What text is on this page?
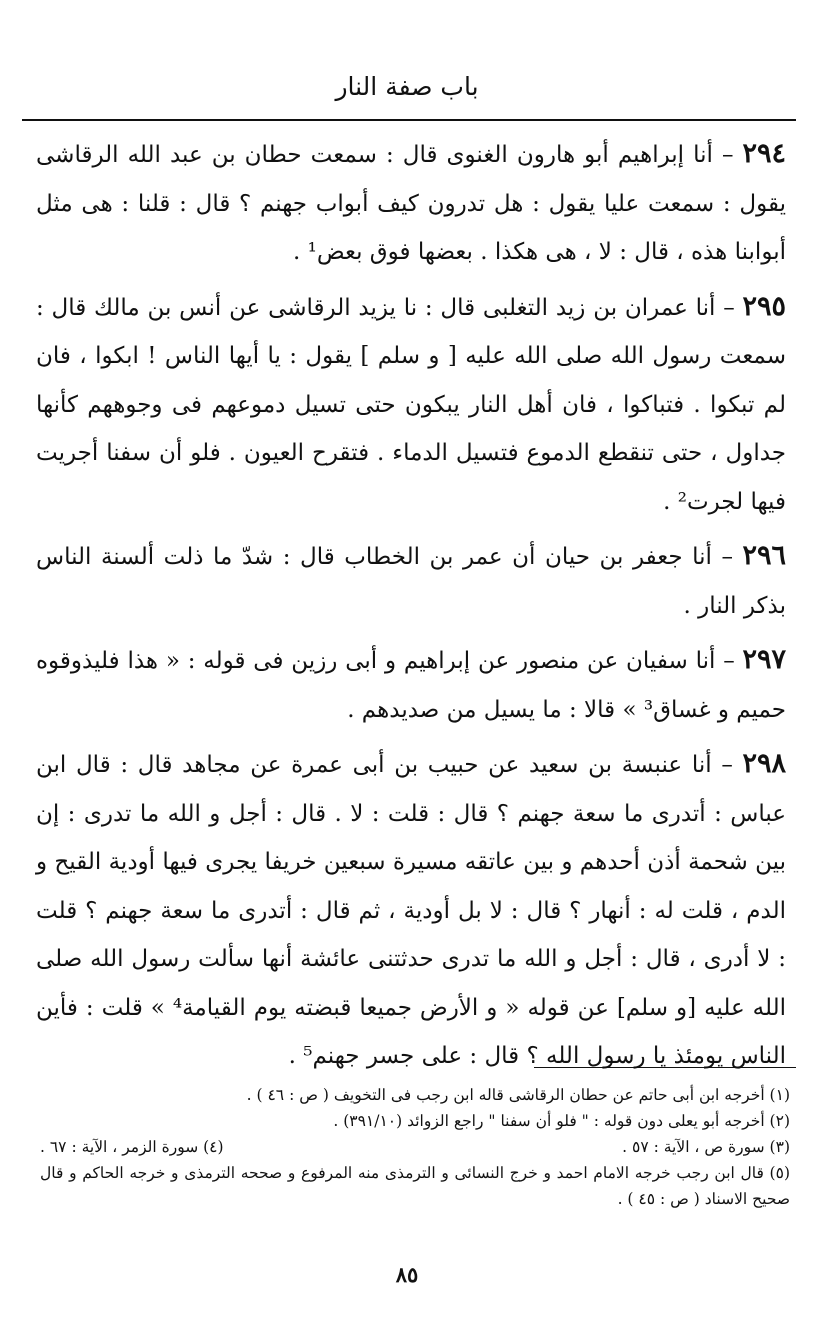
باب صفة النار

٢٩٤ – أنا إبراهيم أبو هارون الغنوى قال : سمعت حطان بن عبد الله الرقاشى يقول : سمعت عليا يقول : هل تدرون كيف أبواب جهنم ؟ قال : قلنا : هى مثل أبوابنا هذه ، قال : لا ، هى هكذا . بعضها فوق بعض¹ .

٢٩٥ – أنا عمران بن زيد التغلبى قال : نا يزيد الرقاشى عن أنس بن مالك قال : سمعت رسول الله صلى الله عليه [ و سلم ] يقول : يا أيها الناس ! ابكوا ، فان لم تبكوا . فتباكوا ، فان أهل النار يبكون حتى تسيل دموعهم فى وجوههم كأنها جداول ، حتى تنقطع الدموع فتسيل الدماء . فتقرح العيون . فلو أن سفنا أجريت فيها لجرت² .

٢٩٦ – أنا جعفر بن حيان أن عمر بن الخطاب قال : شدّ ما ذلت ألسنة الناس بذكر النار .

٢٩٧ – أنا سفيان عن منصور عن إبراهيم و أبى رزين فى قوله : « هذا فليذوقوه حميم و غساق³ » قالا : ما يسيل من صديدهم .

٢٩٨ – أنا عنبسة بن سعيد عن حبيب بن أبى عمرة عن مجاهد قال : قال ابن عباس : أتدرى ما سعة جهنم ؟ قال : قلت : لا . قال : أجل و الله ما تدرى : إن بين شحمة أذن أحدهم و بين عاتقه مسيرة سبعين خريفا يجرى فيها أودية القيح و الدم ، قلت له : أنهار ؟ قال : لا بل أودية ، ثم قال : أتدرى ما سعة جهنم ؟ قلت : لا أدرى ، قال : أجل و الله ما تدرى حدثتنى عائشة أنها سألت رسول الله صلى الله عليه [و سلم] عن قوله « و الأرض جميعا قبضته يوم القيامة⁴ » قلت : فأين الناس يومئذ يا رسول الله ؟ قال : على جسر جهنم⁵ .

(١) أخرجه ابن أبى حاتم عن حطان الرقاشى قاله ابن رجب فى التخويف ( ص : ٤٦ ) .

(٢) أخرجه أبو يعلى دون قوله : " فلو أن سفنا " راجع الزوائد (٣٩١/١٠) .

(٣) سورة ص ، الآية : ٥٧ .
(٤) سورة الزمر ، الآية : ٦٧ .

(٥) قال ابن رجب خرجه الامام احمد و خرج النسائى و الترمذى منه المرفوع و صححه الترمذى و خرجه الحاكم و قال صحيح الاسناد ( ص : ٤٥ ) .

٨٥
